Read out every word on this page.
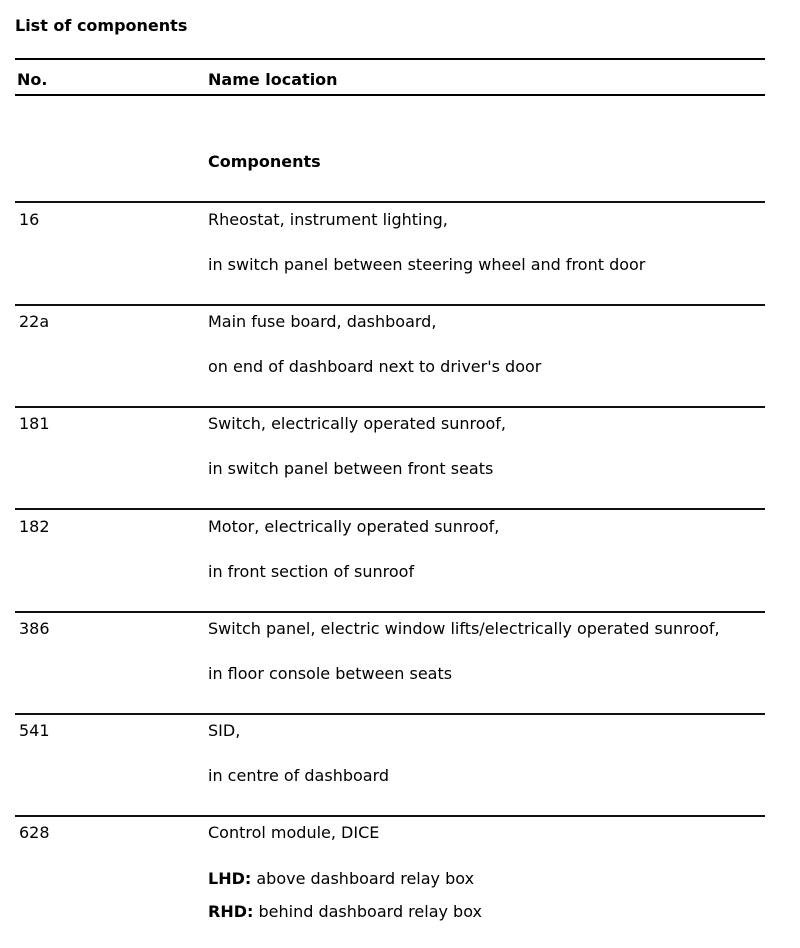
List of components
No.	Name location
Components
16	Rheostat, instrument lighting,
in switch panel between steering wheel and front door
22a	Main fuse board, dashboard,
on end of dashboard next to driver's door
181	Switch, electrically operated sunroof,
in switch panel between front seats
182	Motor, electrically operated sunroof,
in front section of sunroof
386	Switch panel, electric window lifts/electrically operated sunroof,
in floor console between seats
541	SID,
in centre of dashboard
628	Control module, DICE
LHD: above dashboard relay box
RHD: behind dashboard relay box
